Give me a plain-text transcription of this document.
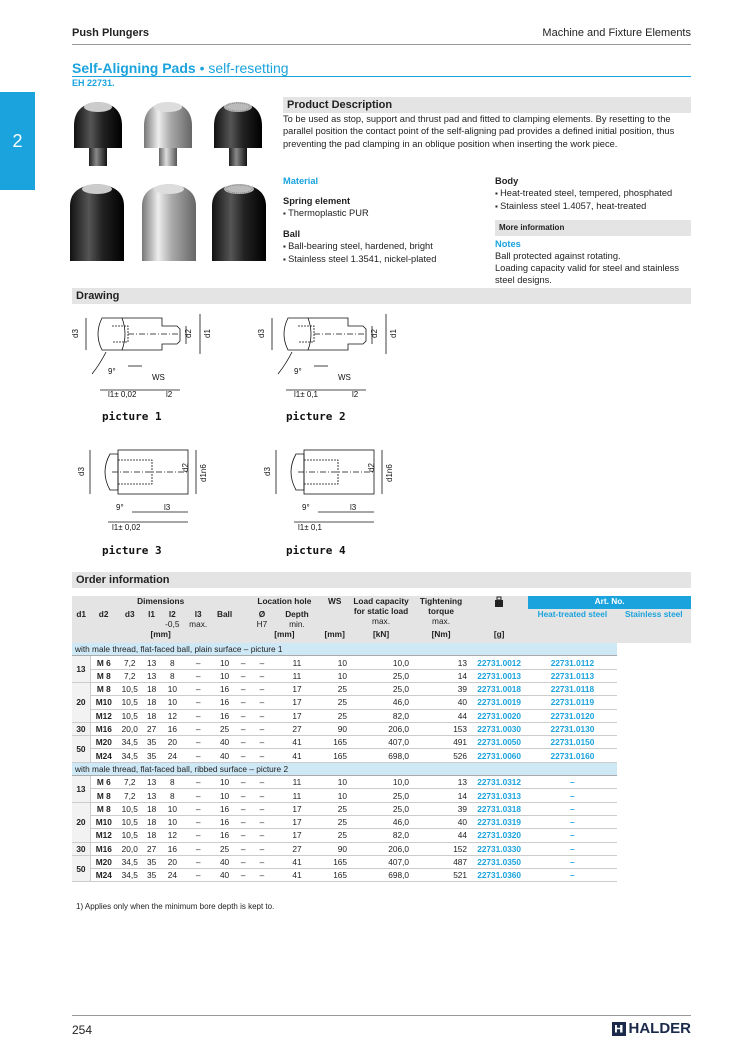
Push Plungers	Machine and Fixture Elements
2
Self-Aligning Pads • self-resetting
EH 22731.
Product Description
To be used as stop, support and thrust pad and fitted to clamping elements. By resetting to the parallel position the contact point of the self-aligning pad provides a defined initial position, thus preventing the pad clamping in an oblique position when inserting the work piece.
Material
Spring element
▪ Thermoplastic PUR
Ball
▪ Ball-bearing steel, hardened, bright
▪ Stainless steel 1.3541, nickel-plated
Body
▪ Heat-treated steel, tempered, phosphated
▪ Stainless steel 1.4057, heat-treated
More information
Notes
Ball protected against rotating.
Loading capacity valid for steel and stainless steel designs.
Drawing
d3	d2 d1
WS
9°
l1± 0,02	l2
d3	d2 d1
WS
9°
l1± 0,1	l2
d3	d2 d1n6
9°	l3
l1± 0,02
d3	d2 d1n6
9°	l3
l1± 0,1
picture 1	picture 2
picture 3	picture 4
Order information
Dimensions								Location hole		WS	Load capacity for static load
max.	Tightening torque
max.		Art. No.	
d1	d2	d3	l1	l2
-0,5	l3
max.	Ball		Ø
H7	Depth
min.					Heat-treated steel	Stainless steel
[mm]								[mm]		[mm]	[kN]	[Nm]	[g]		
with male thread, flat-faced ball, plain surface – picture 1															
13	M 6	7,2	13	8	–	10	–	–	11	10	10,0	13	22731.0012	22731.0112	
	M 8	7,2	13	8	–	10	–	–	11	10	25,0	14	22731.0013	22731.0113	
20	M 8	10,5	18	10	–	16	–	–	17	25	25,0	39	22731.0018	22731.0118	
	M10	10,5	18	10	–	16	–	–	17	25	46,0	40	22731.0019	22731.0119	
	M12	10,5	18	12	–	16	–	–	17	25	82,0	44	22731.0020	22731.0120	
30	M16	20,0	27	16	–	25	–	–	27	90	206,0	153	22731.0030	22731.0130	
50	M20	34,5	35	20	–	40	–	–	41	165	407,0	491	22731.0050	22731.0150	
	M24	34,5	35	24	–	40	–	–	41	165	698,0	526	22731.0060	22731.0160	
with male thread, flat-faced ball, ribbed surface – picture 2															
13	M 6	7,2	13	8	–	10	–	–	11	10	10,0	13	22731.0312	–	
	M 8	7,2	13	8	–	10	–	–	11	10	25,0	14	22731.0313	–	
20	M 8	10,5	18	10	–	16	–	–	17	25	25,0	39	22731.0318	–	
	M10	10,5	18	10	–	16	–	–	17	25	46,0	40	22731.0319	–	
	M12	10,5	18	12	–	16	–	–	17	25	82,0	44	22731.0320	–	
30	M16	20,0	27	16	–	25	–	–	27	90	206,0	152	22731.0330	–	
50	M20	34,5	35	20	–	40	–	–	41	165	407,0	487	22731.0350	–	
	M24	34,5	35	24	–	40	–	–	41	165	698,0	521	22731.0360	–	
1) Applies only when the minimum bore depth is kept to.
254	HALDER
